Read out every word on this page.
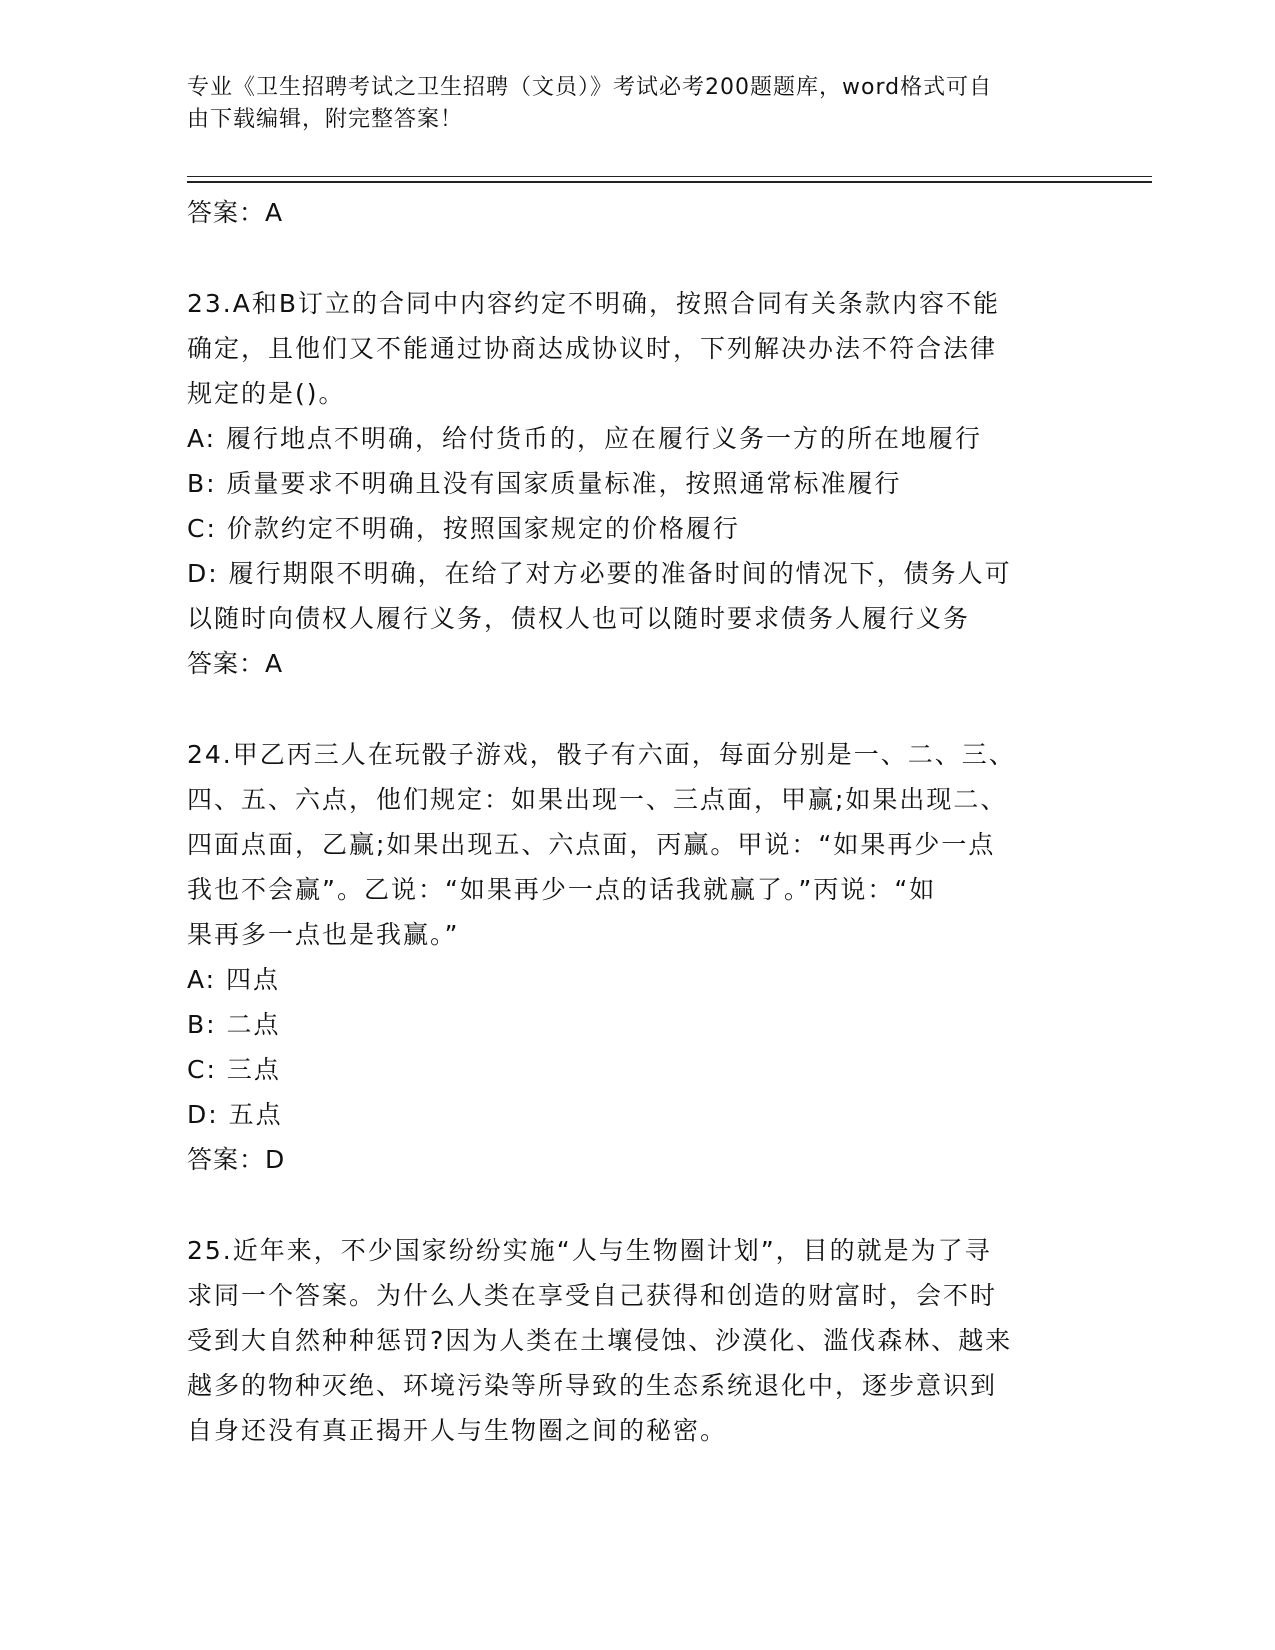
专业《卫生招聘考试之卫生招聘（文员）》考试必考200题题库，word格式可自
由下载编辑，附完整答案！
答案：A
23.A和B订立的合同中内容约定不明确，按照合同有关条款内容不能
确定，且他们又不能通过协商达成协议时，下列解决办法不符合法律
规定的是()。
A: 履行地点不明确，给付货币的，应在履行义务一方的所在地履行
B: 质量要求不明确且没有国家质量标准，按照通常标准履行
C: 价款约定不明确，按照国家规定的价格履行
D: 履行期限不明确，在给了对方必要的准备时间的情况下，债务人可
以随时向债权人履行义务，债权人也可以随时要求债务人履行义务
答案：A
24.甲乙丙三人在玩骰子游戏，骰子有六面，每面分别是一、二、三、
四、五、六点，他们规定：如果出现一、三点面，甲赢;如果出现二、
四面点面，乙赢;如果出现五、六点面，丙赢。甲说：“如果再少一点
我也不会赢”。乙说：“如果再少一点的话我就赢了。”丙说：“如
果再多一点也是我赢。”
A: 四点
B: 二点
C: 三点
D: 五点
答案：D
25.近年来，不少国家纷纷实施“人与生物圈计划”，目的就是为了寻
求同一个答案。为什么人类在享受自己获得和创造的财富时，会不时
受到大自然种种惩罚?因为人类在土壤侵蚀、沙漠化、滥伐森林、越来
越多的物种灭绝、环境污染等所导致的生态系统退化中，逐步意识到
自身还没有真正揭开人与生物圈之间的秘密。
